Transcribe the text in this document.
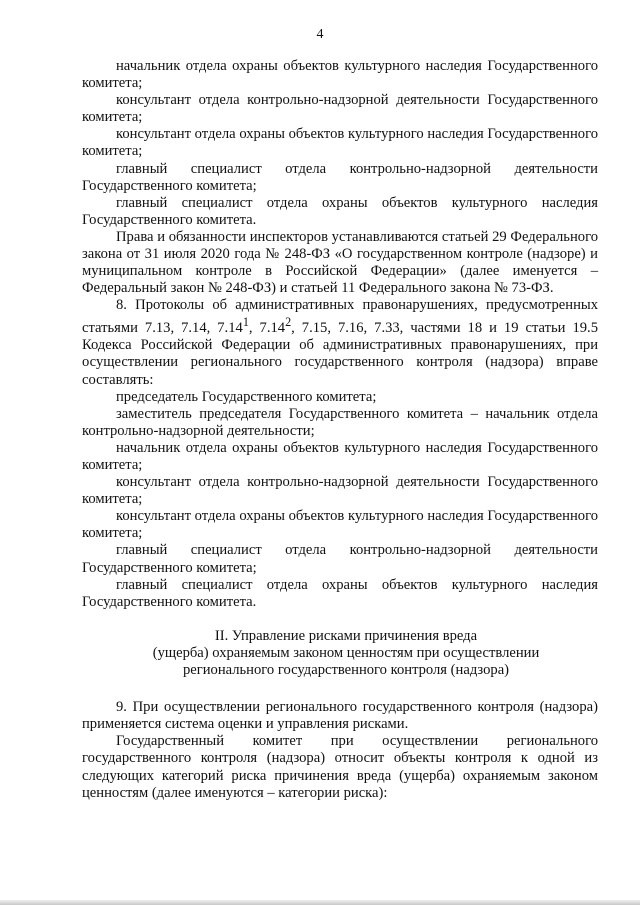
4

начальник отдела охраны объектов культурного наследия Государственного комитета;

консультант отдела контрольно-надзорной деятельности Государственного комитета;

консультант отдела охраны объектов культурного наследия Государственного комитета;

главный специалист отдела контрольно-надзорной деятельности Государственного комитета;

главный специалист отдела охраны объектов культурного наследия Государственного комитета.

Права и обязанности инспекторов устанавливаются статьей 29 Федерального закона от 31 июля 2020 года № 248-ФЗ «О государственном контроле (надзоре) и муниципальном контроле в Российской Федерации» (далее именуется – Федеральный закон № 248-ФЗ) и статьей 11 Федерального закона № 73-ФЗ.

8. Протоколы об административных правонарушениях, предусмотренных статьями 7.13, 7.14, 7.14$^1$, 7.14$^2$, 7.15, 7.16, 7.33, частями 18 и 19 статьи 19.5 Кодекса Российской Федерации об административных правонарушениях, при осуществлении регионального государственного контроля (надзора) вправе составлять:

председатель Государственного комитета;

заместитель председателя Государственного комитета – начальник отдела контрольно-надзорной деятельности;

начальник отдела охраны объектов культурного наследия Государственного комитета;

консультант отдела контрольно-надзорной деятельности Государственного комитета;

консультант отдела охраны объектов культурного наследия Государственного комитета;

главный специалист отдела контрольно-надзорной деятельности Государственного комитета;

главный специалист отдела охраны объектов культурного наследия Государственного комитета.

II. Управление рисками причинения вреда

(ущерба) охраняемым законом ценностям при осуществлении

регионального государственного контроля (надзора)

9. При осуществлении регионального государственного контроля (надзора) применяется система оценки и управления рисками.

Государственный комитет при осуществлении регионального государственного контроля (надзора) относит объекты контроля к одной из следующих категорий риска причинения вреда (ущерба) охраняемым законом ценностям (далее именуются – категории риска):
